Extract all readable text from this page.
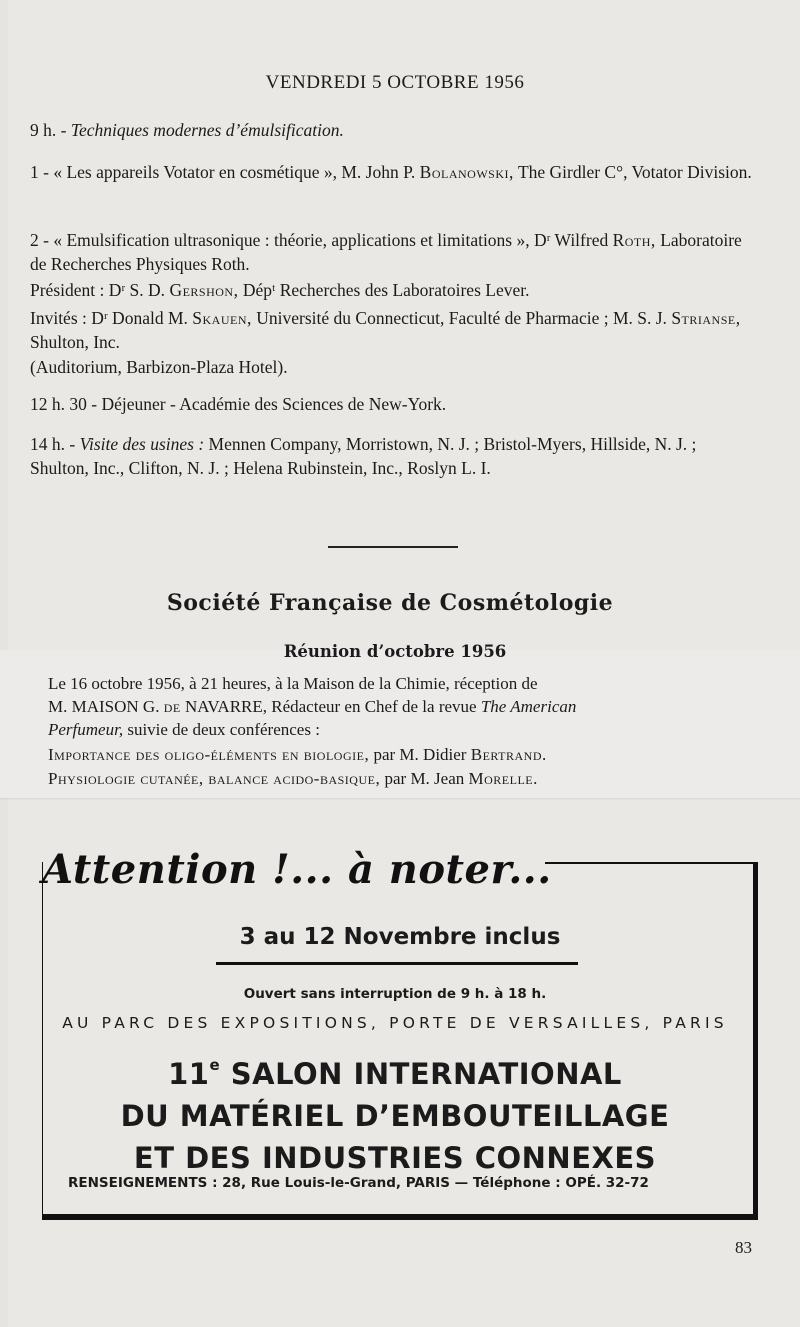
VENDREDI 5 OCTOBRE 1956
9 h. - Techniques modernes d’émulsification.
1 - « Les appareils Votator en cosmétique », M. John P. Bolanowski, The Girdler C°, Votator Division.
2 - « Emulsification ultrasonique : théorie, applications et limitations », Dʳ Wilfred Roth, Laboratoire de Recherches Physiques Roth.
Président : Dʳ S. D. Gershon, Dépᵗ Recherches des Laboratoires Lever.
Invités : Dʳ Donald M. Skauen, Université du Connecticut, Faculté de Pharmacie ; M. S. J. Strianse, Shulton, Inc.
(Auditorium, Barbizon-Plaza Hotel).
12 h. 30 - Déjeuner - Académie des Sciences de New-York.
14 h. - Visite des usines : Mennen Company, Morristown, N. J. ; Bristol-Myers, Hillside, N. J. ; Shulton, Inc., Clifton, N. J. ; Helena Rubinstein, Inc., Roslyn L. I.
Société Française de Cosmétologie
Réunion d’octobre 1956
Le 16 octobre 1956, à 21 heures, à la Maison de la Chimie, réception de
M. MAISON G. de NAVARRE, Rédacteur en Chef de la revue The American
Perfumeur, suivie de deux conférences :
Importance des oligo-éléments en biologie, par M. Didier Bertrand.
Physiologie cutanée, balance acido-basique, par M. Jean Morelle.
Attention !... à noter...
3 au 12 Novembre inclus
Ouvert sans interruption de 9 h. à 18 h.
AU PARC DES EXPOSITIONS, PORTE DE VERSAILLES, PARIS
11e SALON INTERNATIONAL
DU MATÉRIEL D’EMBOUTEILLAGE
ET DES INDUSTRIES CONNEXES
RENSEIGNEMENTS : 28, Rue Louis-le-Grand, PARIS — Téléphone : OPÉ. 32-72
83
